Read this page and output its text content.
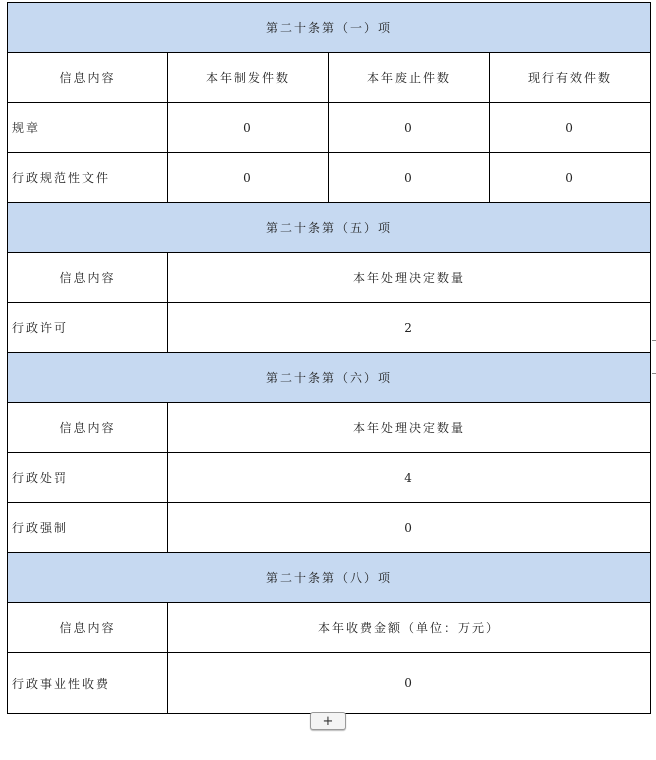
第二十条第（一）项			
信息内容	本年制发件数	本年废止件数	现行有效件数
规章	0	0	0
行政规范性文件	0	0	0
第二十条第（五）项			
信息内容	本年处理决定数量		
行政许可	2		
第二十条第（六）项			
信息内容	本年处理决定数量		
行政处罚	4		
行政强制	0		
第二十条第（八）项			
信息内容	本年收费金额（单位：万元）		
行政事业性收费	0		
+
